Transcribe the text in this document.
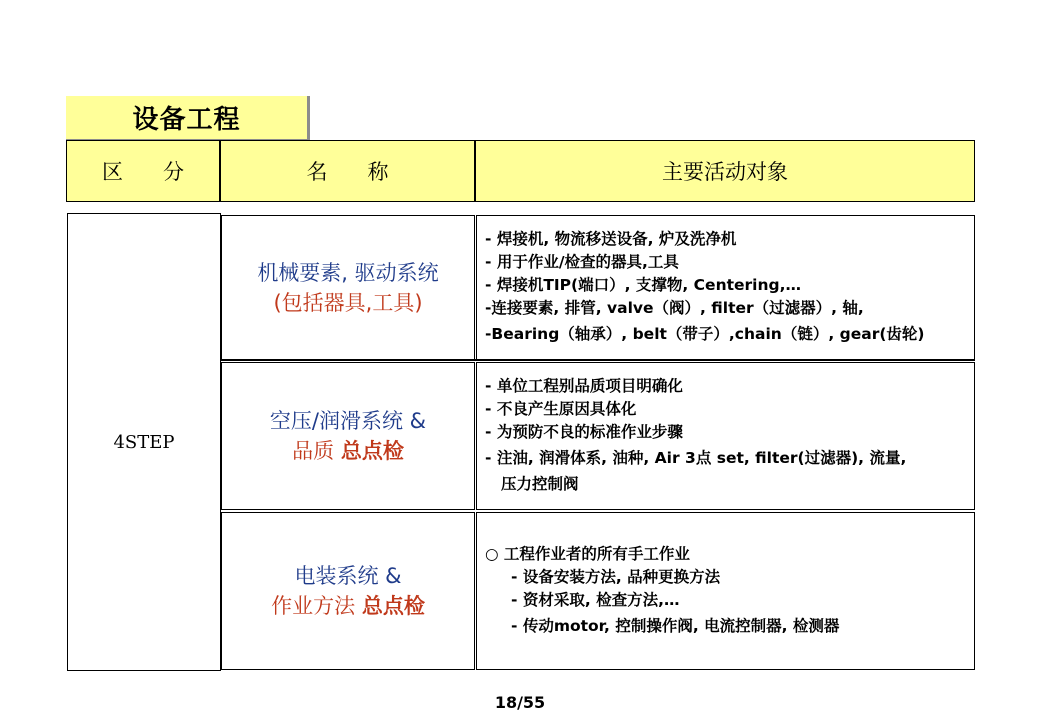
设备工程
区 分	名 称	主要活动对象
4STEP
机械要素, 驱动系统
(包括器具,工具)
- 焊接机, 物流移送设备, 炉及洗净机
- 用于作业/检查的器具,工具
- 焊接机TIP(端口）, 支撑物, Centering,…
-连接要素, 排管, valve（阀）, filter（过滤器）, 轴,
-Bearing（轴承）, belt（带子）,chain（链）, gear(齿轮)
空压/润滑系统 &
品质 总点检
- 单位工程别品质项目明确化
- 不良产生原因具体化
- 为预防不良的标准作业步骤
- 注油, 润滑体系, 油种, Air 3点 set, filter(过滤器), 流量,
压力控制阀
电装系统 &
作业方法 总点检
○ 工程作业者的所有手工作业
- 设备安装方法, 品种更换方法
- 资材采取, 检查方法,…
- 传动motor, 控制操作阀, 电流控制器, 检测器
18/55
